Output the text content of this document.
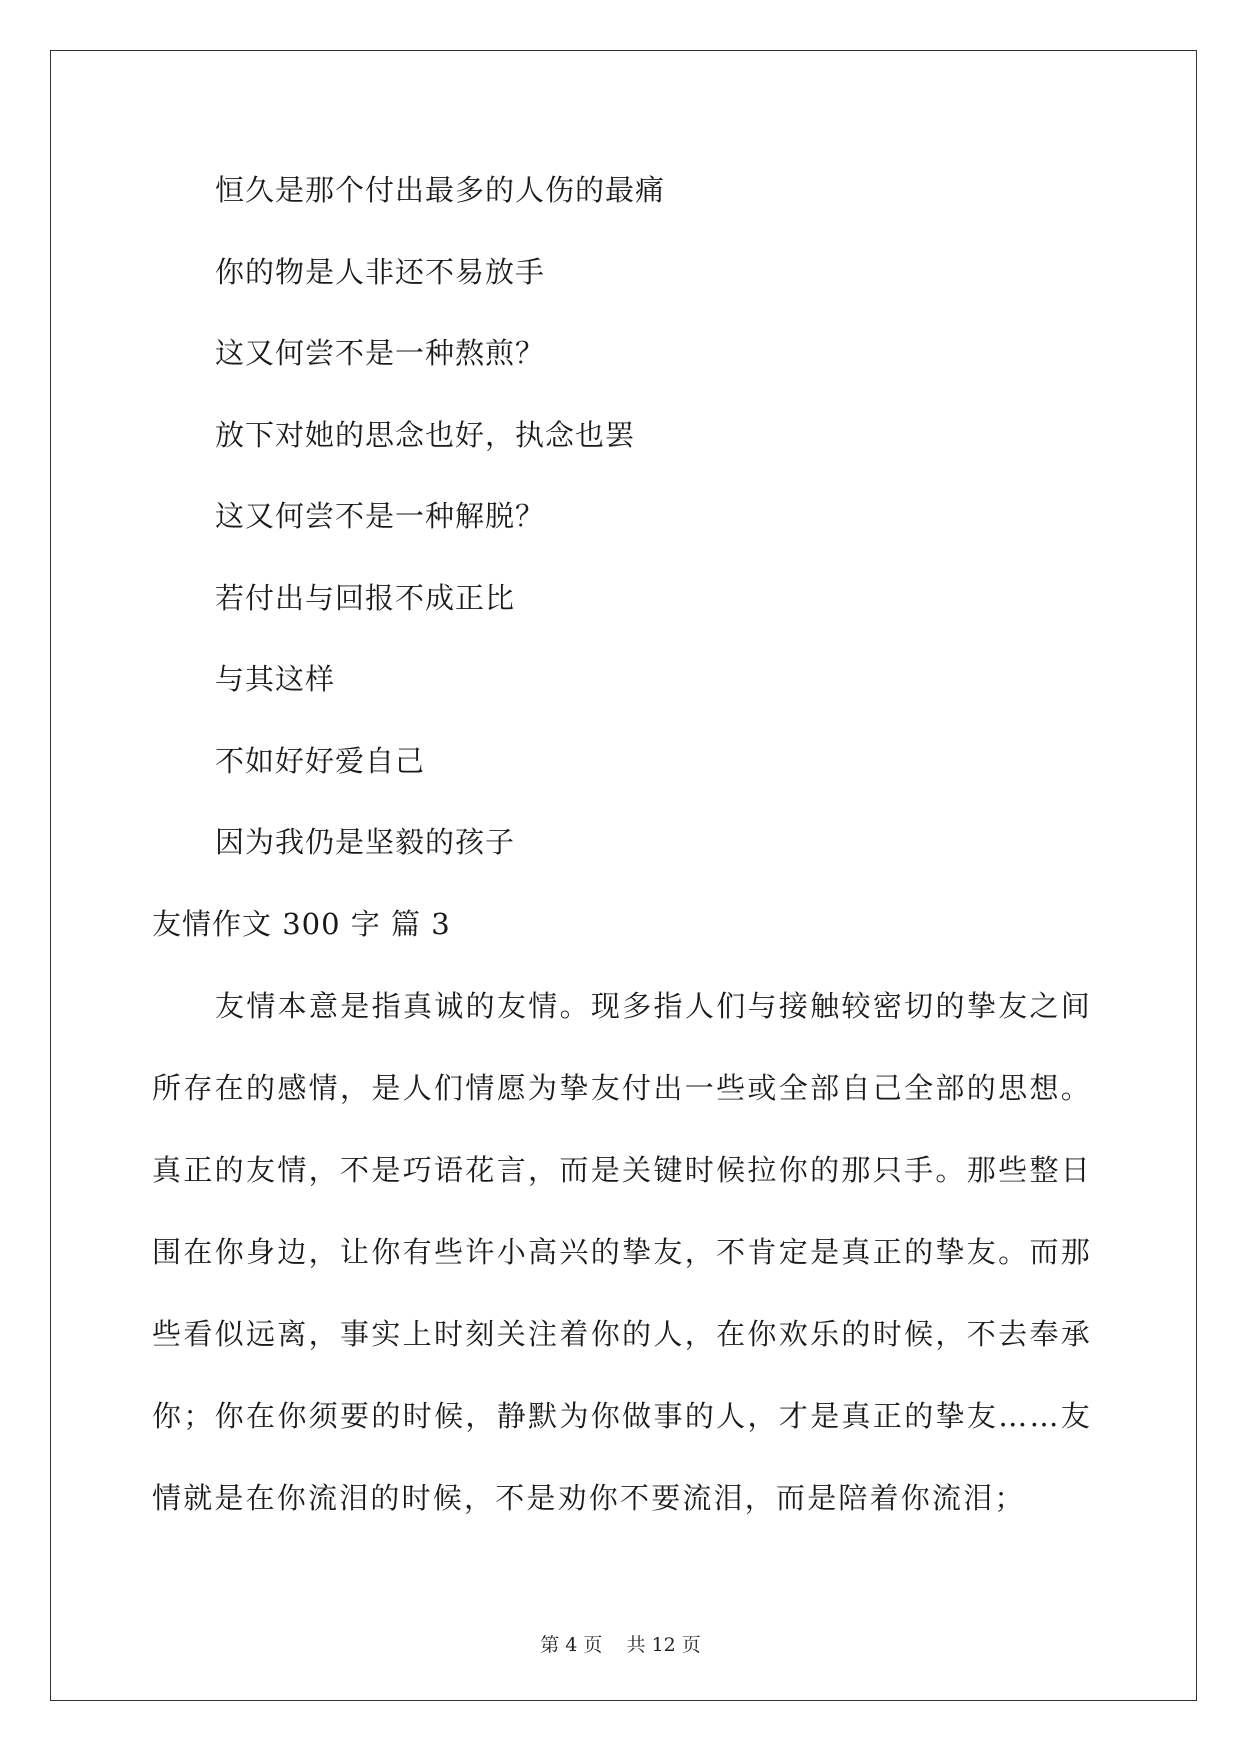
恒久是那个付出最多的人伤的最痛
你的物是人非还不易放手
这又何尝不是一种熬煎？
放下对她的思念也好，执念也罢
这又何尝不是一种解脱？
若付出与回报不成正比
与其这样
不如好好爱自己
因为我仍是坚毅的孩子
友情作文 300 字 篇 3

友情本意是指真诚的友情。现多指人们与接触较密切的挚友之间所存在的感情，是人们情愿为挚友付出一些或全部自己全部的思想。真正的友情，不是巧语花言，而是关键时候拉你的那只手。那些整日围在你身边，让你有些许小高兴的挚友，不肯定是真正的挚友。而那些看似远离，事实上时刻关注着你的人，在你欢乐的时候，不去奉承你；你在你须要的时候，静默为你做事的人，才是真正的挚友……友情就是在你流泪的时候，不是劝你不要流泪，而是陪着你流泪；

第 4 页    共 12 页
